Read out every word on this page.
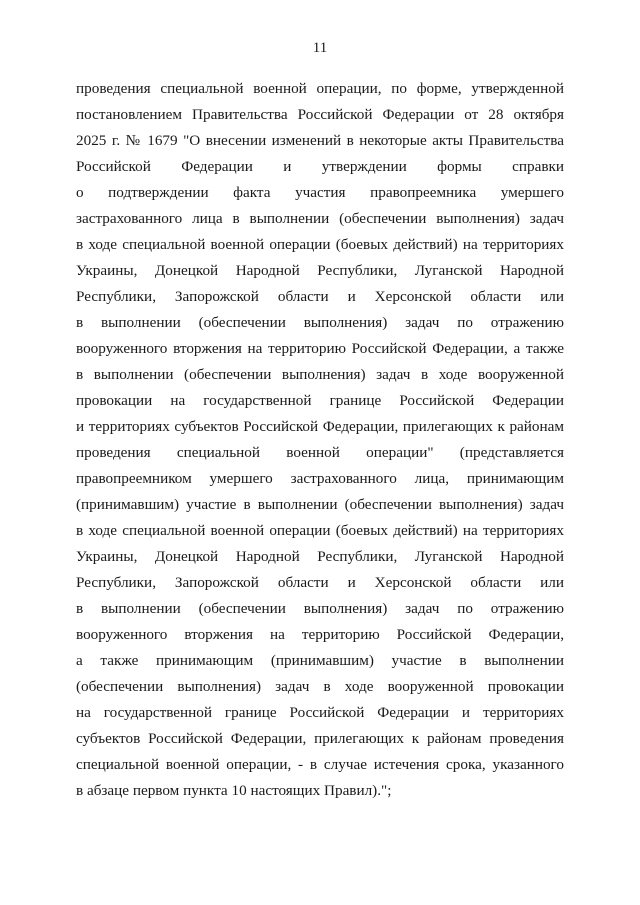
11
проведения специальной военной операции, по форме, утвержденной
постановлением Правительства Российской Федерации от 28 октября
2025 г. № 1679 "О внесении изменений в некоторые акты Правительства
Российской Федерации и утверждении формы справки
о подтверждении факта участия правопреемника умершего
застрахованного лица в выполнении (обеспечении выполнения) задач
в ходе специальной военной операции (боевых действий) на территориях
Украины, Донецкой Народной Республики, Луганской Народной
Республики, Запорожской области и Херсонской области или
в выполнении (обеспечении выполнения) задач по отражению
вооруженного вторжения на территорию Российской Федерации, а также
в выполнении (обеспечении выполнения) задач в ходе вооруженной
провокации на государственной границе Российской Федерации
и территориях субъектов Российской Федерации, прилегающих к районам
проведения специальной военной операции" (представляется
правопреемником умершего застрахованного лица, принимающим
(принимавшим) участие в выполнении (обеспечении выполнения) задач
в ходе специальной военной операции (боевых действий) на территориях
Украины, Донецкой Народной Республики, Луганской Народной
Республики, Запорожской области и Херсонской области или
в выполнении (обеспечении выполнения) задач по отражению
вооруженного вторжения на территорию Российской Федерации,
а также принимающим (принимавшим) участие в выполнении
(обеспечении выполнения) задач в ходе вооруженной провокации
на государственной границе Российской Федерации и территориях
субъектов Российской Федерации, прилегающих к районам проведения
специальной военной операции, - в случае истечения срока, указанного
в абзаце первом пункта 10 настоящих Правил).";
